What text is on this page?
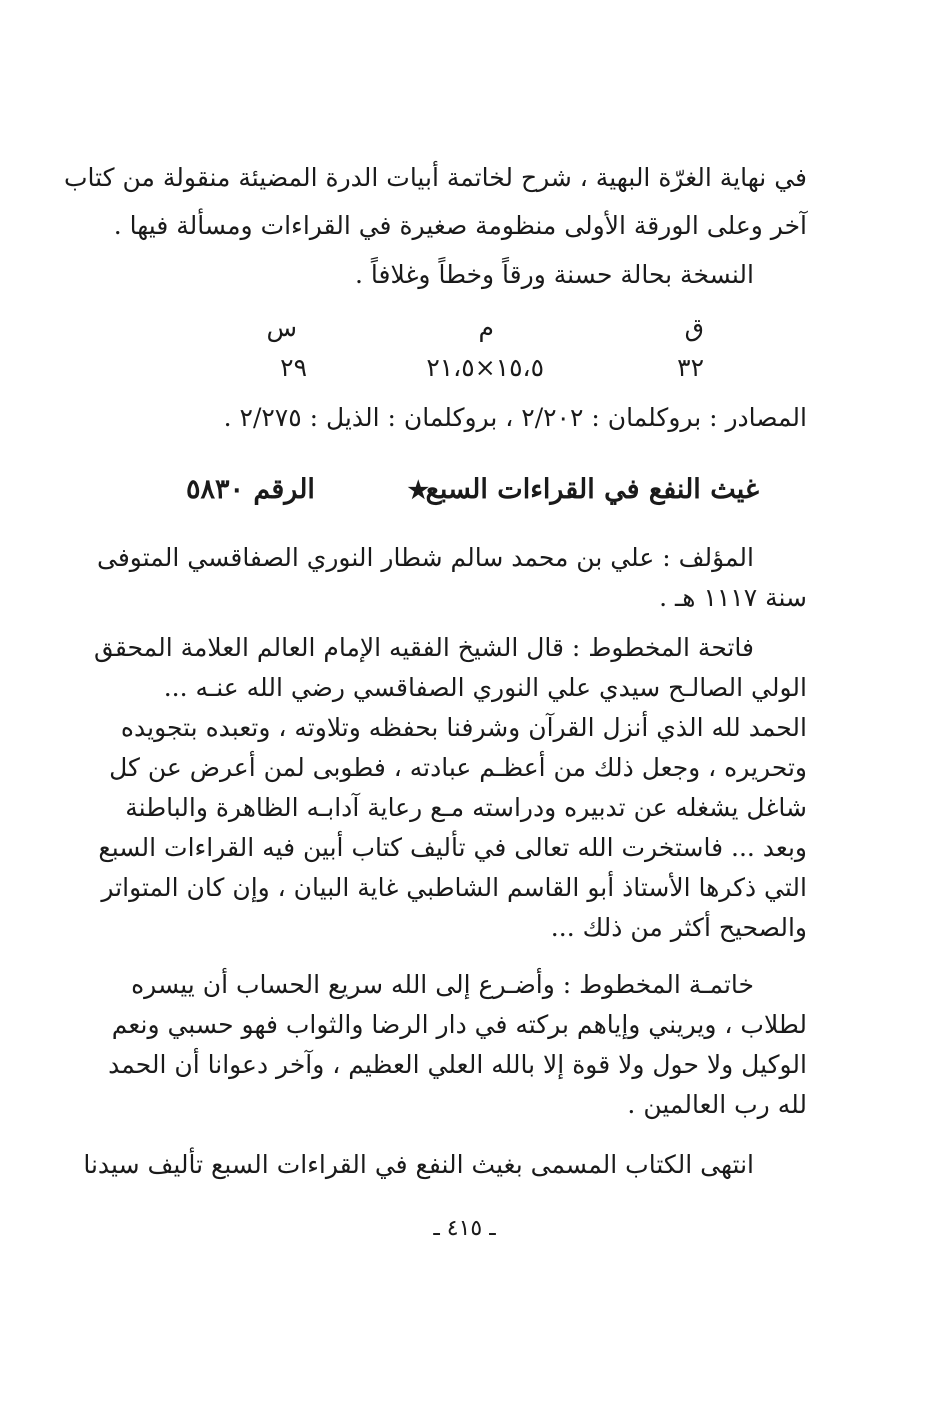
في نهاية الغرّة البهية ، شرح لخاتمة أبيات الدرة المضيئة منقولة من كتاب
آخر وعلى الورقة الأولى منظومة صغيرة في القراءات ومسألة فيها .
النسخة بحالة حسنة ورقاً وخطاً وغلافاً .
ق
م
س
٣٢
١٥،٥×٢١،٥
٢٩
المصادر : بروكلمان : ٢/٢٠٢ ، بروكلمان : الذيل : ٢/٢٧٥ .
غيث النفع في القراءات السبع
★
الرقم ٥٨٣٠
المؤلف : علي بن محمد سالم شطار النوري الصفاقسي المتوفى
سنة ١١١٧ هـ .
فاتحة المخطوط : قال الشيخ الفقيه الإمام العالم العلامة المحقق
الولي الصالـح سيدي علي النوري الصفاقسي رضي الله عنـه ...
الحمد لله الذي أنزل القرآن وشرفنا بحفظه وتلاوته ، وتعبده بتجويده
وتحريره ، وجعل ذلك من أعظـم عبادته ، فطوبى لمن أعرض عن كل
شاغل يشغله عن تدبيره ودراسته مـع رعاية آدابـه الظاهرة والباطنة
وبعد ... فاستخرت الله تعالى في تأليف كتاب أبين فيه القراءات السبع
التي ذكرها الأستاذ أبو القاسم الشاطبي غاية البيان ، وإن كان المتواتر
والصحيح أكثر من ذلك ...
خاتمـة المخطوط : وأضـرع إلى الله سريع الحساب أن ييسره
لطلاب ، ويريني وإياهم بركته في دار الرضا والثواب فهو حسبي ونعم
الوكيل ولا حول ولا قوة إلا بالله العلي العظيم ، وآخر دعوانا أن الحمد
لله رب العالمين .
انتهى الكتاب المسمى بغيث النفع في القراءات السبع تأليف سيدنا
ـ ٤١٥ ـ
